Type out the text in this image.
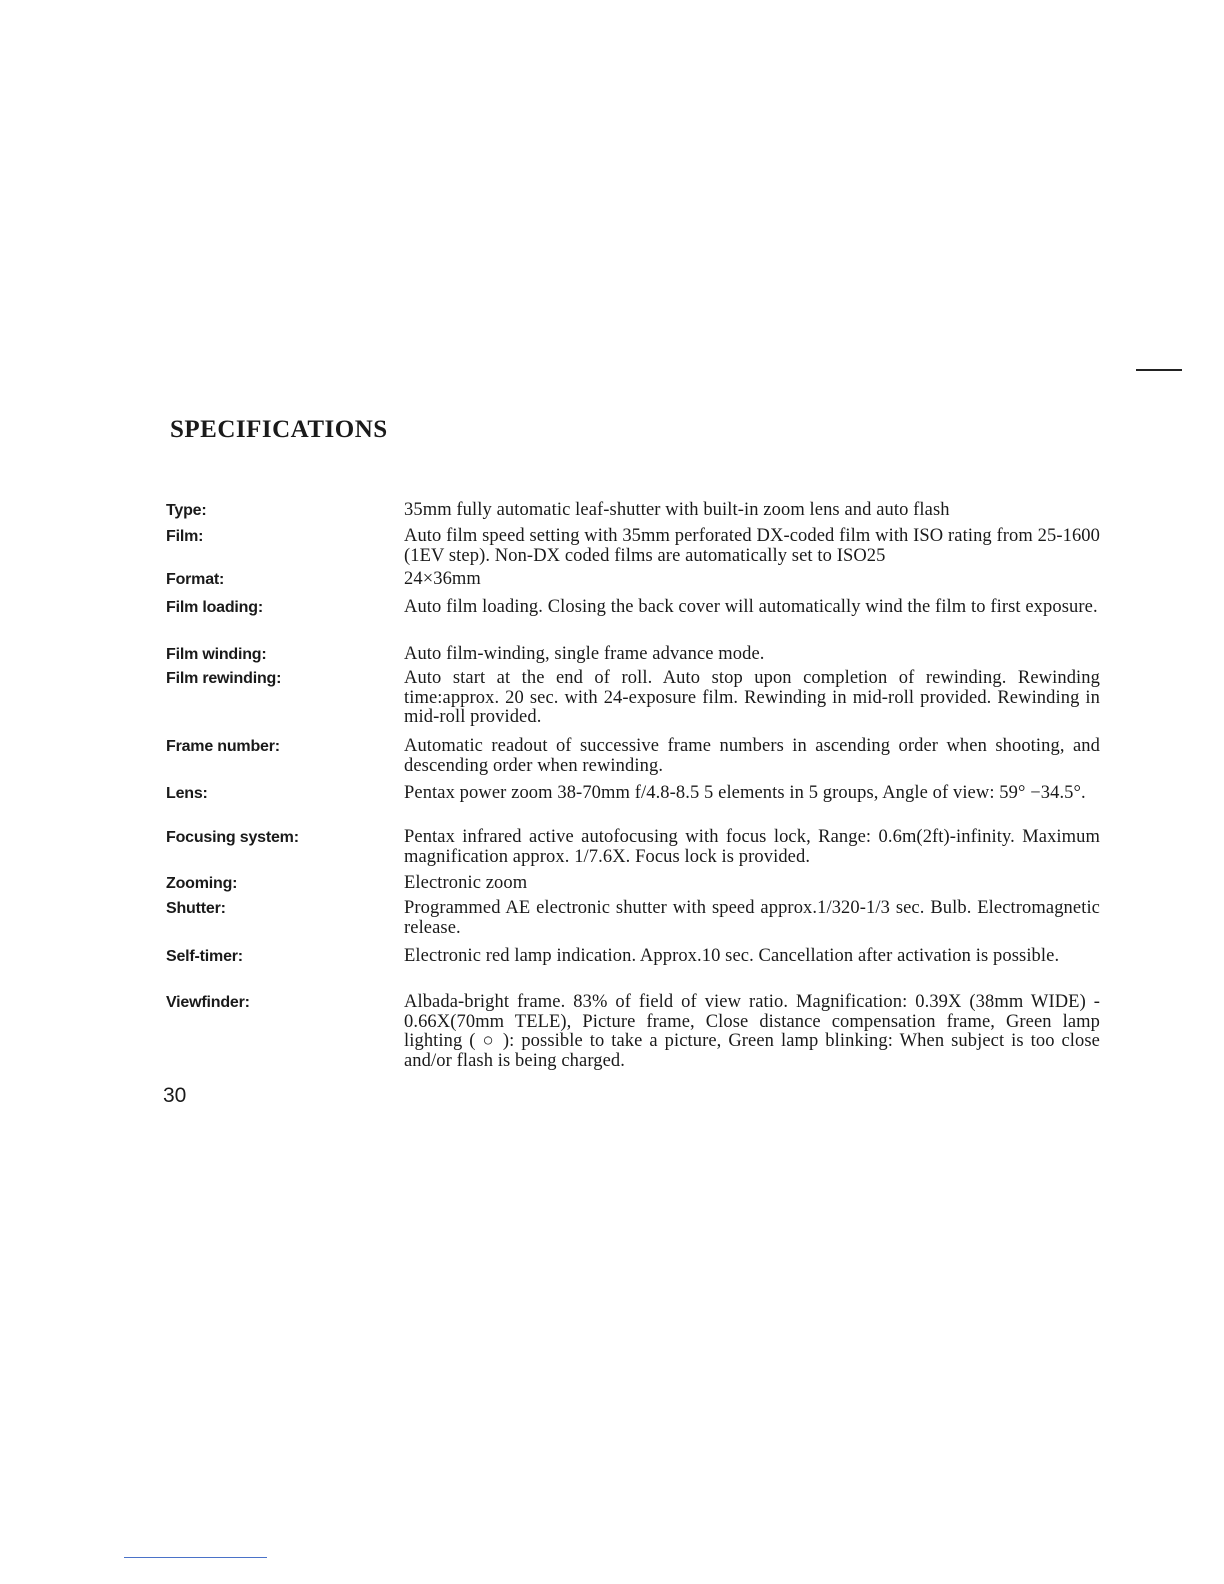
SPECIFICATIONS
Type:	35mm fully automatic leaf-shutter with built-in zoom lens and auto flash
Film:	Auto film speed setting with 35mm perforated DX-coded film with ISO rating from 25-1600 (1EV step). Non-DX coded films are automatically set to ISO25
Format:	24×36mm
Film loading:	Auto film loading. Closing the back cover will automatically wind the film to first exposure.
Film winding:	Auto film-winding, single frame advance mode.
Film rewinding:	Auto start at the end of roll. Auto stop upon completion of rewinding. Rewinding time:approx. 20 sec. with 24-exposure film. Rewinding in mid-roll provided. Rewinding in mid-roll provided.
Frame number:	Automatic readout of successive frame numbers in ascending order when shooting, and descending order when rewinding.
Lens:	Pentax power zoom 38-70mm f/4.8-8.5 5 elements in 5 groups, Angle of view: 59° −34.5°.
Focusing system:	Pentax infrared active autofocusing with focus lock, Range: 0.6m(2ft)-infinity. Maximum magnification approx. 1/7.6X. Focus lock is provided.
Zooming:	Electronic zoom
Shutter:	Programmed AE electronic shutter with speed approx.1/320-1/3 sec. Bulb. Electromagnetic release.
Self-timer:	Electronic red lamp indication. Approx.10 sec. Cancellation after activation is possible.
Viewfinder:	Albada-bright frame. 83% of field of view ratio. Magnification: 0.39X (38mm WIDE) - 0.66X(70mm TELE), Picture frame, Close distance compensation frame, Green lamp lighting ( ○ ): possible to take a picture, Green lamp blinking: When subject is too close and/or flash is being charged.
30
